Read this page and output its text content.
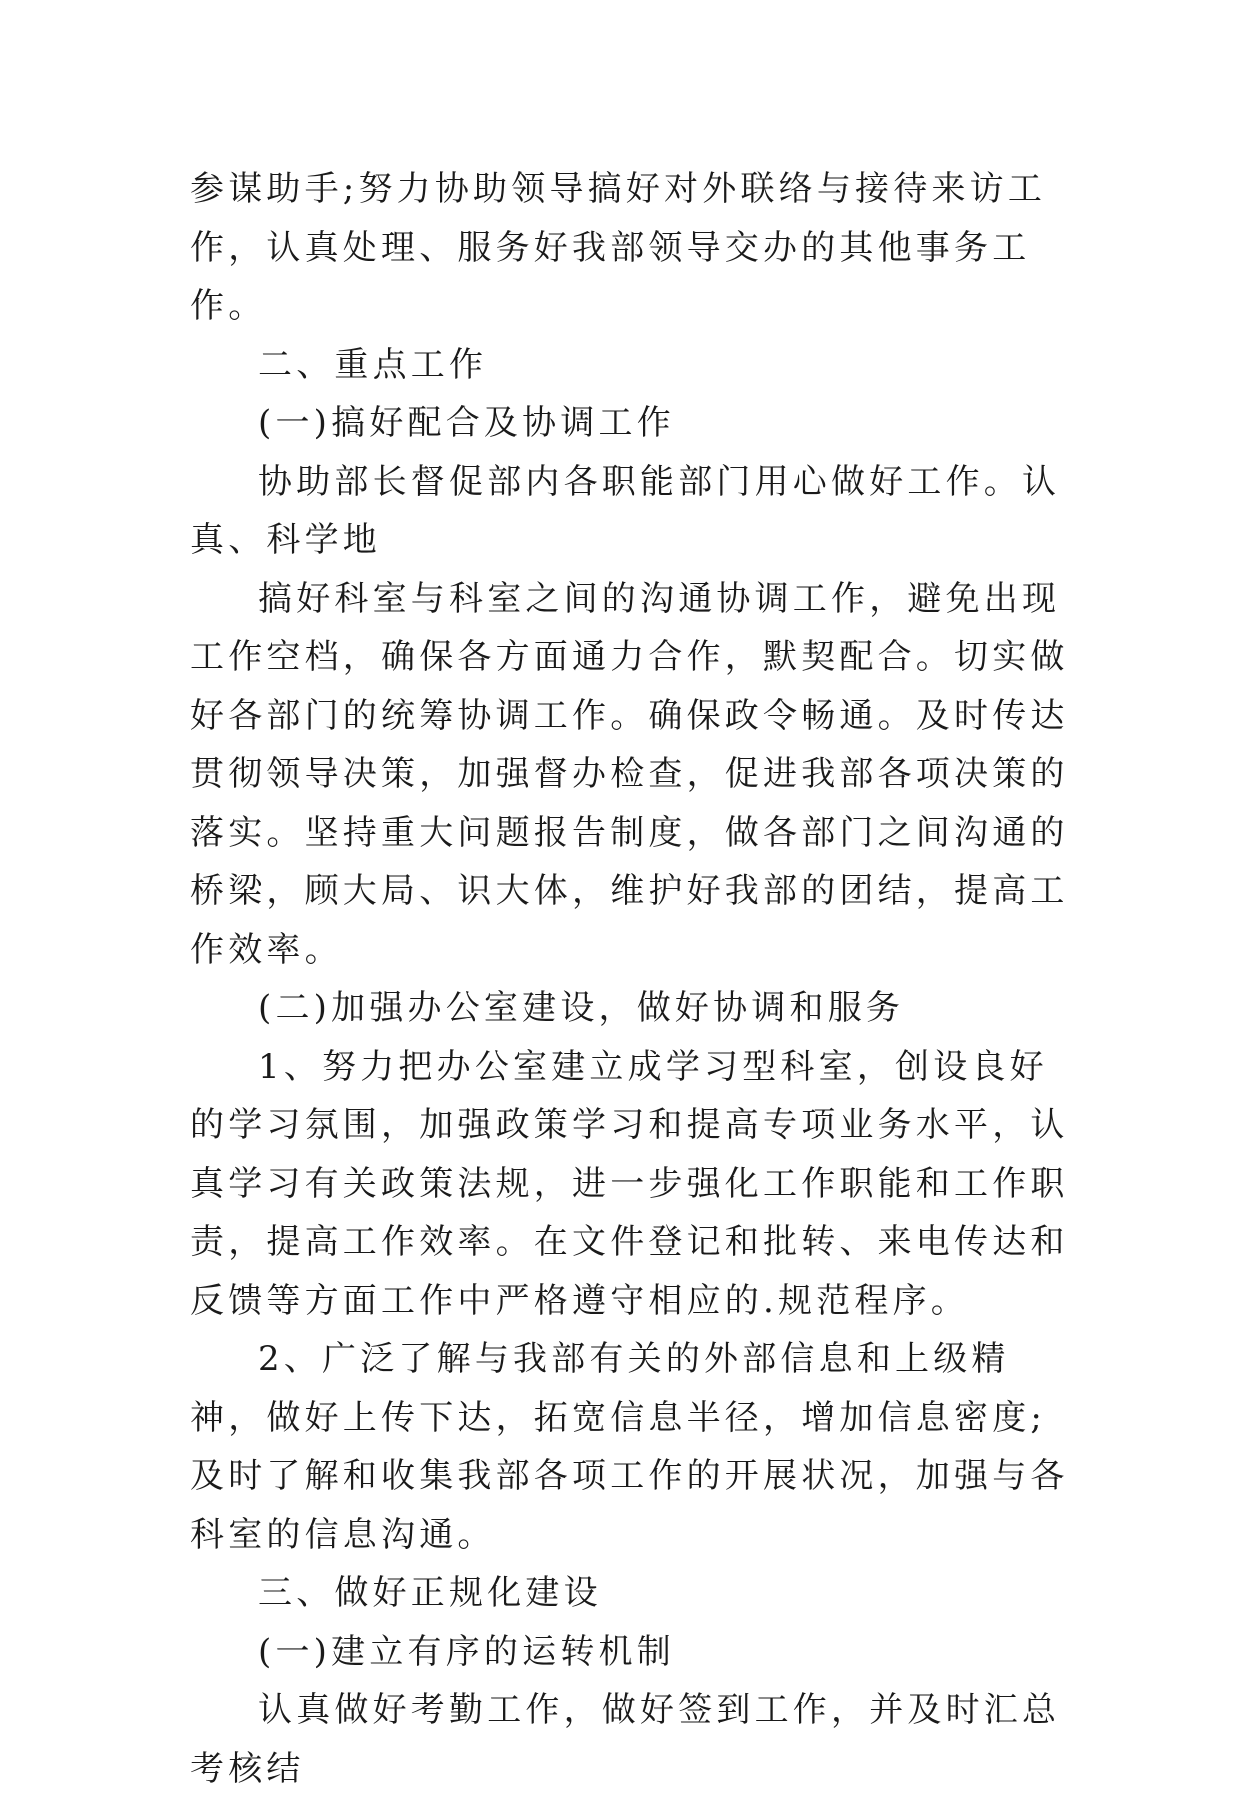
参谋助手;努力协助领导搞好对外联络与接待来访工作，认真处理、服务好我部领导交办的其他事务工作。

二、重点工作

(一)搞好配合及协调工作

协助部长督促部内各职能部门用心做好工作。认真、科学地

搞好科室与科室之间的沟通协调工作，避免出现工作空档，确保各方面通力合作，默契配合。切实做好各部门的统筹协调工作。确保政令畅通。及时传达贯彻领导决策，加强督办检查，促进我部各项决策的落实。坚持重大问题报告制度，做各部门之间沟通的桥梁，顾大局、识大体，维护好我部的团结，提高工作效率。

(二)加强办公室建设，做好协调和服务

1、努力把办公室建立成学习型科室，创设良好的学习氛围，加强政策学习和提高专项业务水平，认真学习有关政策法规，进一步强化工作职能和工作职责，提高工作效率。在文件登记和批转、来电传达和反馈等方面工作中严格遵守相应的.规范程序。

2、广泛了解与我部有关的外部信息和上级精神，做好上传下达，拓宽信息半径，增加信息密度;及时了解和收集我部各项工作的开展状况，加强与各科室的信息沟通。

三、做好正规化建设

(一)建立有序的运转机制

认真做好考勤工作，做好签到工作，并及时汇总考核结
